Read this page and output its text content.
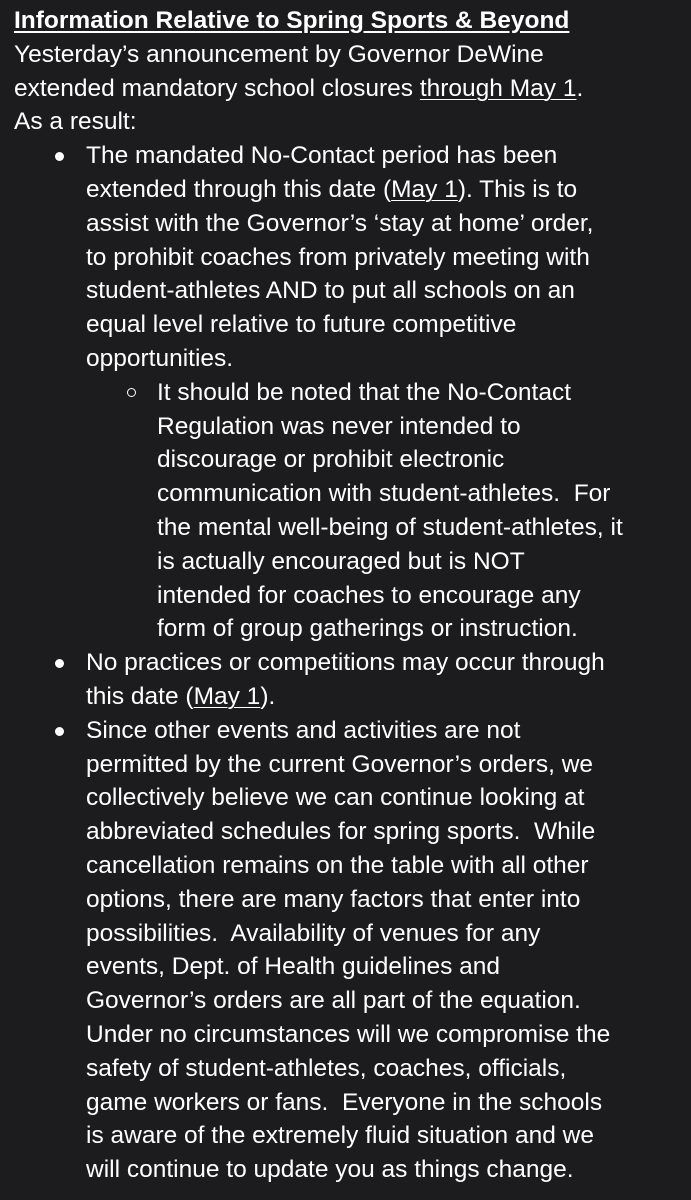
Information Relative to Spring Sports & Beyond

Yesterday’s announcement by Governor DeWine
extended mandatory school closures through May 1.
As a result:

The mandated No-Contact period has been
extended through this date (May 1). This is to
assist with the Governor’s ‘stay at home’ order,
to prohibit coaches from privately meeting with
student-athletes AND to put all schools on an
equal level relative to future competitive
opportunities.
It should be noted that the No-Contact
Regulation was never intended to
discourage or prohibit electronic
communication with student-athletes.  For
the mental well-being of student-athletes, it
is actually encouraged but is NOT
intended for coaches to encourage any
form of group gatherings or instruction.
No practices or competitions may occur through
this date (May 1).
Since other events and activities are not
permitted by the current Governor’s orders, we
collectively believe we can continue looking at
abbreviated schedules for spring sports.  While
cancellation remains on the table with all other
options, there are many factors that enter into
possibilities.  Availability of venues for any
events, Dept. of Health guidelines and
Governor’s orders are all part of the equation.
Under no circumstances will we compromise the
safety of student-athletes, coaches, officials,
game workers or fans.  Everyone in the schools
is aware of the extremely fluid situation and we
will continue to update you as things change.
